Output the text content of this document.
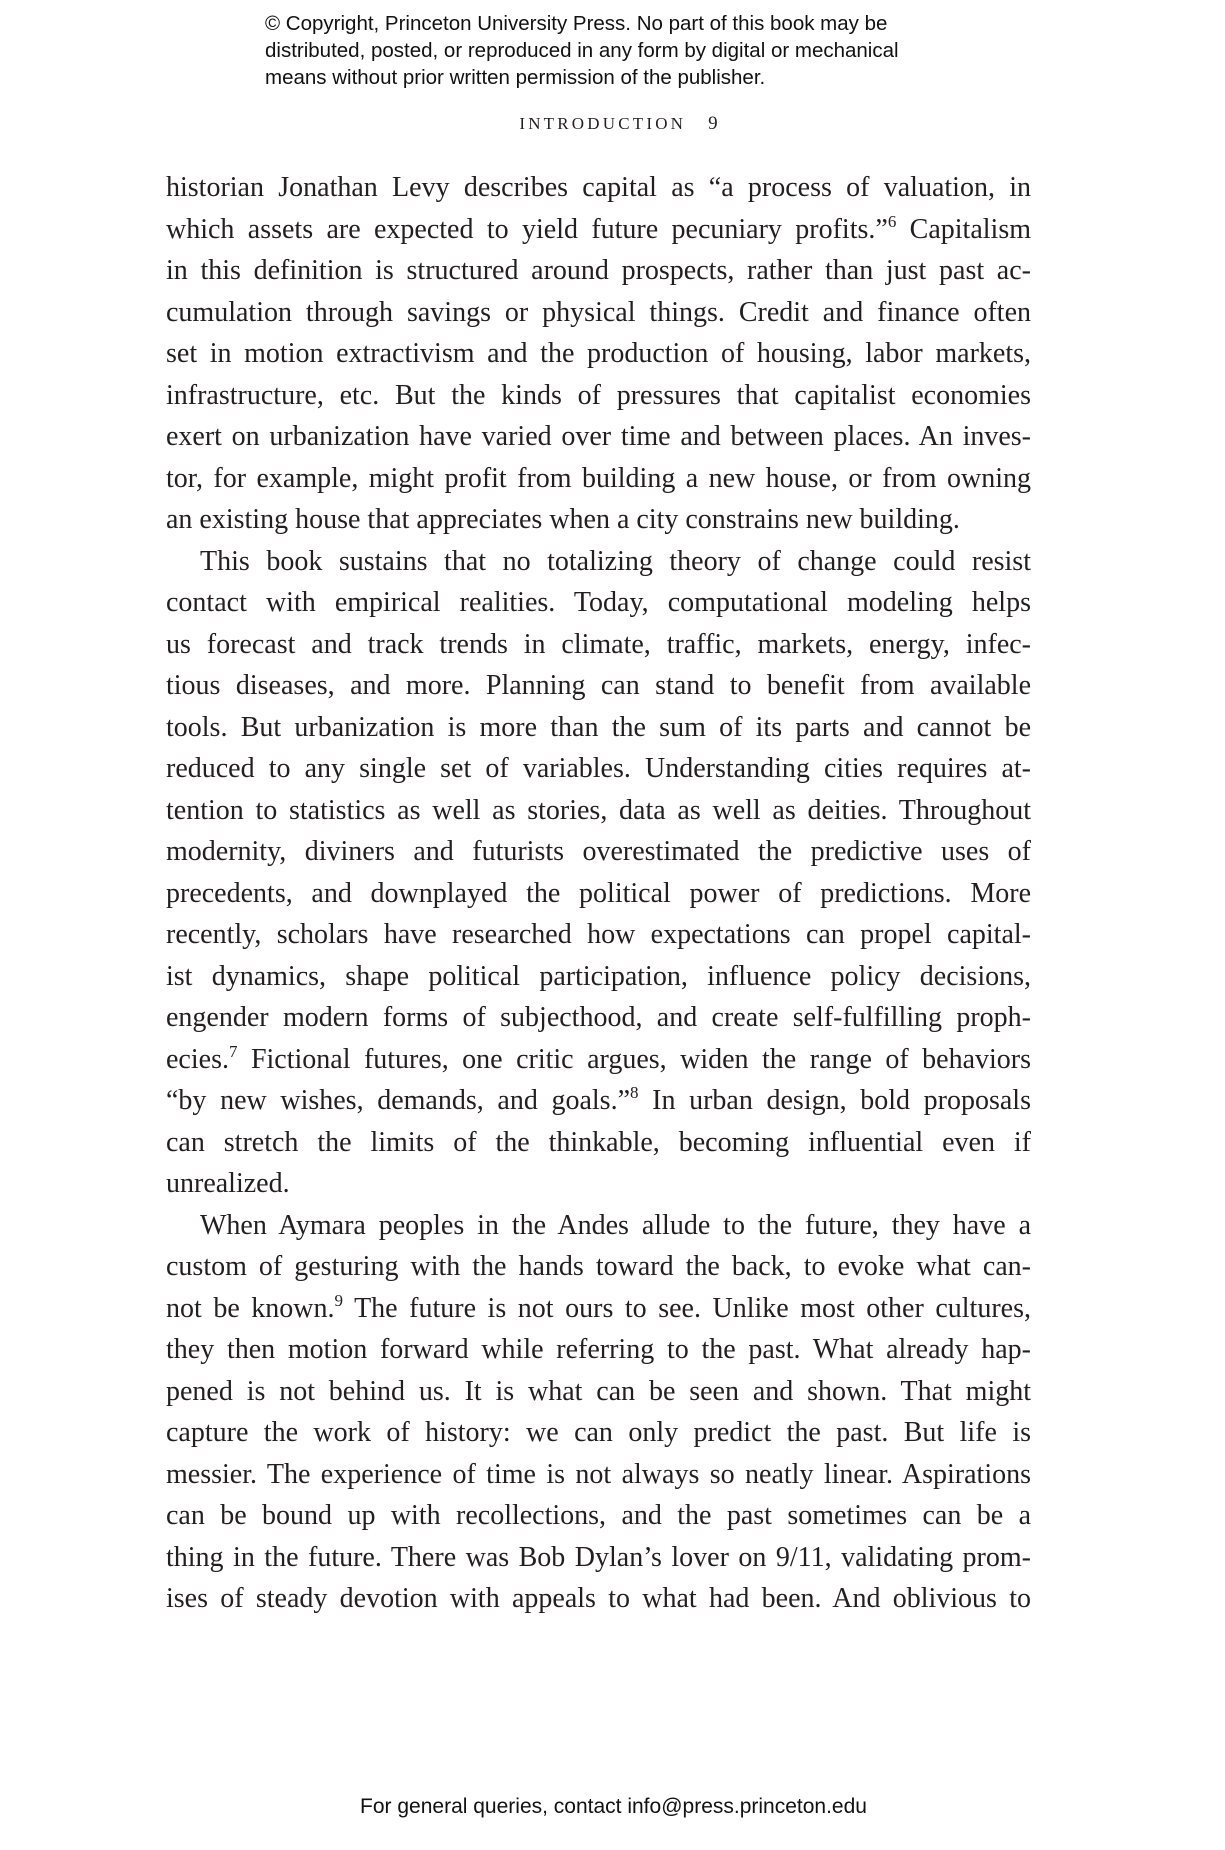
© Copyright, Princeton University Press. No part of this book may be
distributed, posted, or reproduced in any form by digital or mechanical
means without prior written permission of the publisher.
INTRODUCTION 9
historian Jonathan Levy describes capital as “a process of valuation, in
which assets are expected to yield future pecuniary profits.”$^6$ Capitalism
in this definition is structured around prospects, rather than just past ac-
cumulation through savings or physical things. Credit and finance often
set in motion extractivism and the production of housing, labor markets,
infrastructure, etc. But the kinds of pressures that capitalist economies
exert on urbanization have varied over time and between places. An inves-
tor, for example, might profit from building a new house, or from owning
an existing house that appreciates when a city constrains new building.
This book sustains that no totalizing theory of change could resist
contact with empirical realities. Today, computational modeling helps
us forecast and track trends in climate, traffic, markets, energy, infec-
tious diseases, and more. Planning can stand to benefit from available
tools. But urbanization is more than the sum of its parts and cannot be
reduced to any single set of variables. Understanding cities requires at-
tention to statistics as well as stories, data as well as deities. Throughout
modernity, diviners and futurists overestimated the predictive uses of
precedents, and downplayed the political power of predictions. More
recently, scholars have researched how expectations can propel capital-
ist dynamics, shape political participation, influence policy decisions,
engender modern forms of subjecthood, and create self-fulfilling proph-
ecies.$^7$ Fictional futures, one critic argues, widen the range of behaviors
“by new wishes, demands, and goals.”$^8$ In urban design, bold proposals
can stretch the limits of the thinkable, becoming influential even if
unrealized.
When Aymara peoples in the Andes allude to the future, they have a
custom of gesturing with the hands toward the back, to evoke what can-
not be known.$^9$ The future is not ours to see. Unlike most other cultures,
they then motion forward while referring to the past. What already hap-
pened is not behind us. It is what can be seen and shown. That might
capture the work of history: we can only predict the past. But life is
messier. The experience of time is not always so neatly linear. Aspirations
can be bound up with recollections, and the past sometimes can be a
thing in the future. There was Bob Dylan’s lover on 9/11, validating prom-
ises of steady devotion with appeals to what had been. And oblivious to
For general queries, contact info@press.princeton.edu
